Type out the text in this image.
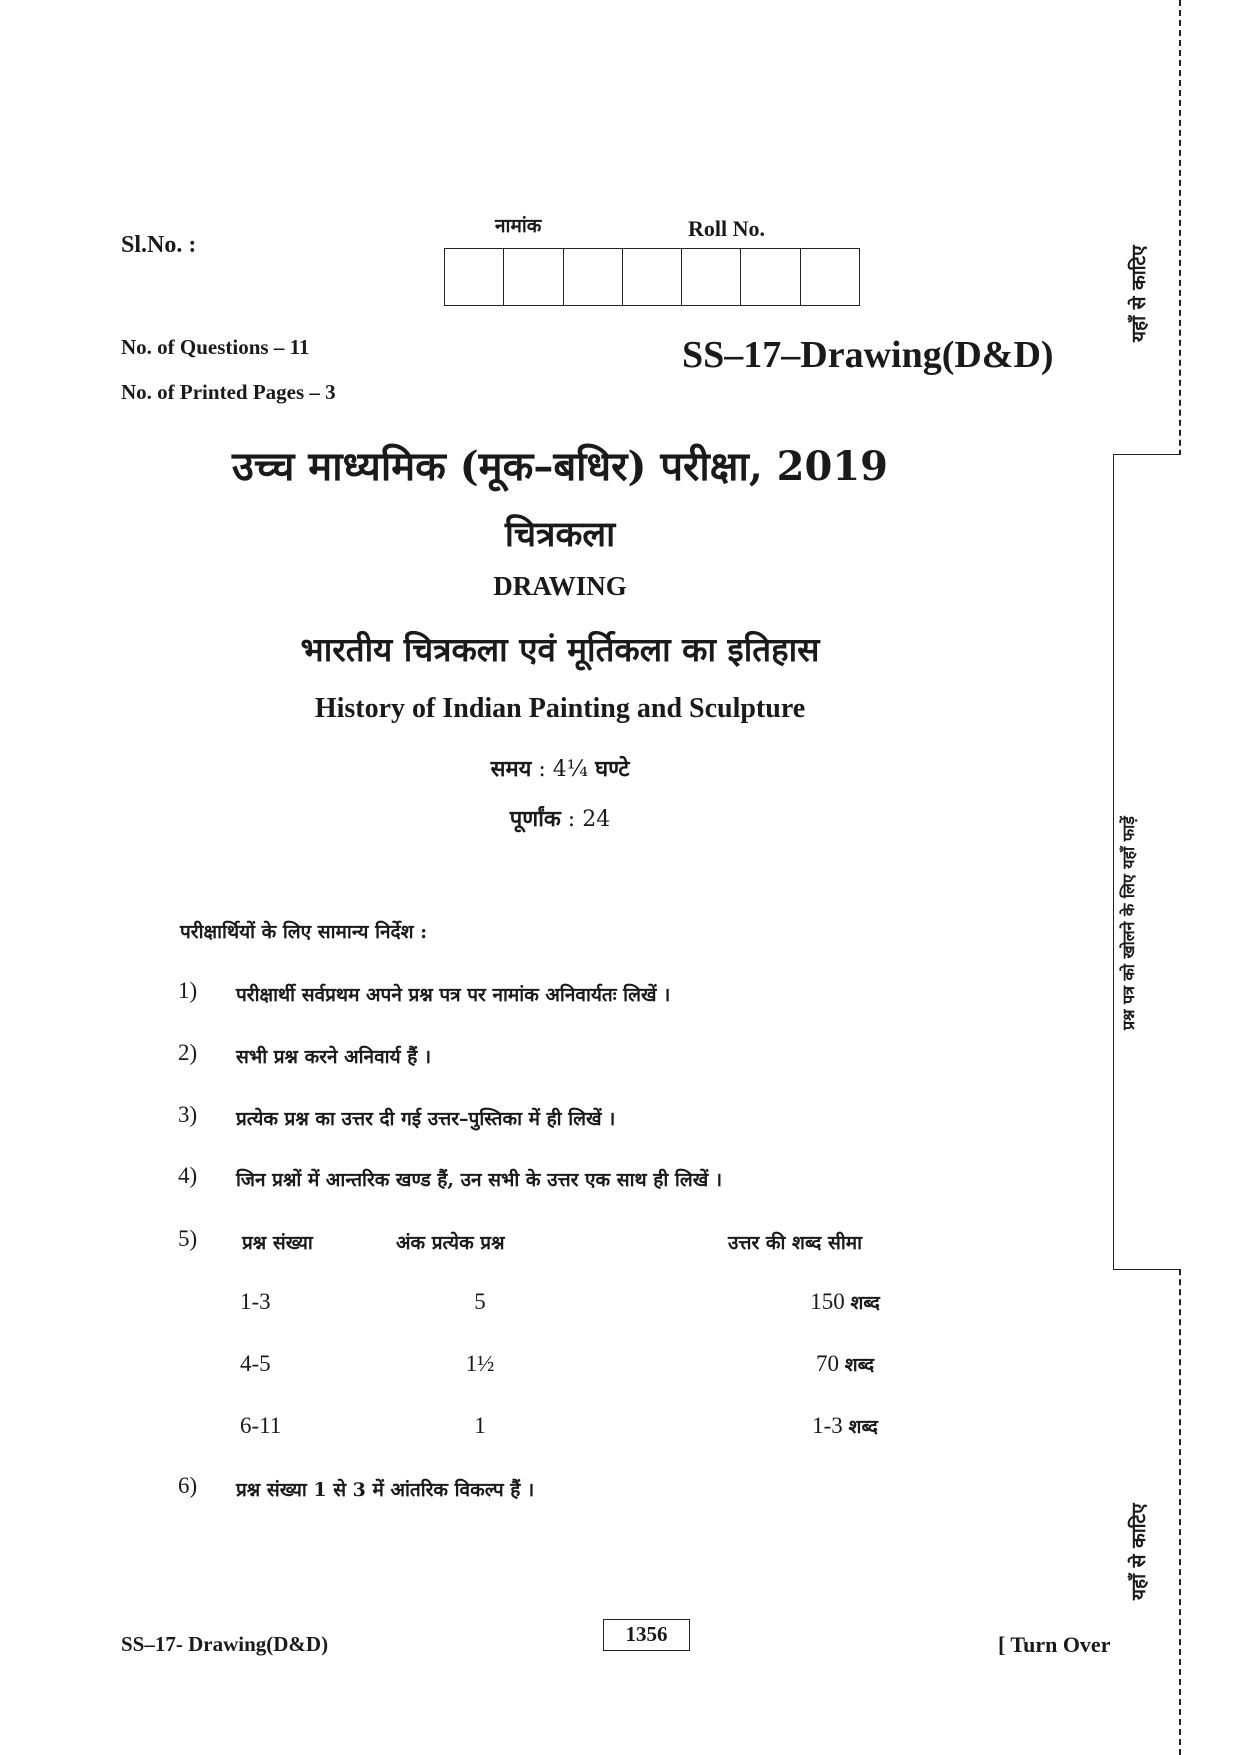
Sl.No. :
नामांक	Roll No.
No. of Questions – 11
No. of Printed Pages – 3
SS–17–Drawing(D&D)
उच्च माध्यमिक (मूक–बधिर) परीक्षा, 2019
चित्रकला
DRAWING
भारतीय चित्रकला एवं मूर्तिकला का इतिहास
History of Indian Painting and Sculpture
समय : 4¼ घण्टे
पूर्णांक : 24
परीक्षार्थियों के लिए सामान्य निर्देश :
1)	परीक्षार्थी सर्वप्रथम अपने प्रश्न पत्र पर नामांक अनिवार्यतः लिखें ।
2)	सभी प्रश्न करने अनिवार्य हैं ।
3)	प्रत्येक प्रश्न का उत्तर दी गई उत्तर–पुस्तिका में ही लिखें ।
4)	जिन प्रश्नों में आन्तरिक खण्ड हैं, उन सभी के उत्तर एक साथ ही लिखें ।
5)	प्रश्न संख्या	अंक प्रत्येक प्रश्न	उत्तर की शब्द सीमा
1-3	5	150 शब्द
4-5	1½	70 शब्द
6-11	1	1-3 शब्द
6)	प्रश्न संख्या 1 से 3 में आंतरिक विकल्प हैं ।
SS–17- Drawing(D&D)	1356	[ Turn Over
यहाँ से काटिए
प्रश्न पत्र को खोलने के लिए यहाँ फाड़ें
यहाँ से काटिए
